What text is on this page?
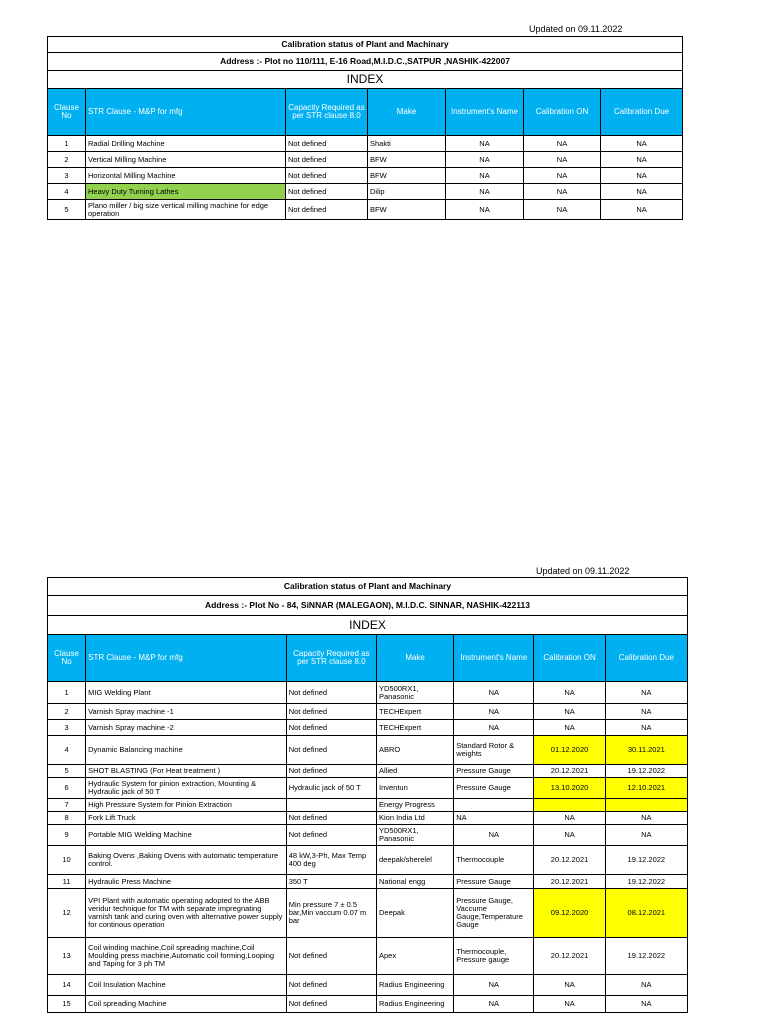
Updated on 09.11.2022
Calibration status of Plant and Machinary						
Address :- Plot no 110/111, E-16 Road,M.I.D.C.,SATPUR ,NASHIK-422007						
INDEX						
Clause No	STR Clause - M&P for mfg	Capacity Required as per STR clause 8.0	Make	Instrument's Name	Calibration ON	Calibration Due
1	Radial Drilling Machine	Not defined	Shakti	NA	NA	NA
2	Vertical Milling Machine	Not defined	BFW	NA	NA	NA
3	Horizontal Milling Machine	Not defined	BFW	NA	NA	NA
4	Heavy Duty Turning Lathes	Not defined	Dilip	NA	NA	NA
5	Plano miller / big size vertical milling machine for edge operation	Not defined	BFW	NA	NA	NA
Updated on 09.11.2022
Calibration status of Plant and Machinary						
Address :- Plot No - 84, SiNNAR (MALEGAON), M.I.D.C. SINNAR, NASHIK-422113						
INDEX						
Clause No	STR Clause - M&P for mfg	Capacity Required as per STR clause 8.0	Make	Instrument's Name	Calibration ON	Calibration Due
1	MIG Welding Plant	Not defined	YD500RX1, Panasonic	NA	NA	NA
2	Varnish Spray machine -1	Not defined	TECHExpert	NA	NA	NA
3	Varnish Spray machine -2	Not defined	TECHExpert	NA	NA	NA
4	Dynamic Balancing machine	Not defined	ABRO	Standard Rotor & weights	01.12.2020	30.11.2021
5	SHOT BLASTING (For Heat treatment )	Not defined	Allied	Pressure Gauge	20.12.2021	19.12.2022
6	Hydraulic System for pinion extraction, Mounting & Hydraulic jack of 50 T	Hydraulic jack of 50 T	Inventun	Pressure Gauge	13.10.2020	12.10.2021
7	High Pressure System for Pinion Extraction		Energy Progress			
8	Fork Lift Truck	Not defined	Kion India Ltd	NA	NA	NA
9	Portable MIG Welding Machine	Not defined	YD500RX1, Panasonic	NA	NA	NA
10	Baking Ovens ,Baking Ovens with automatic temperature control.	48 kW,3-Ph, Max Temp 400 deg	deepak/sherelel	Thermocouple	20.12.2021	19.12.2022
11	Hydraulic Press Machine	350 T	National engg	Pressure Gauge	20.12.2021	19.12.2022
12	VPI Plant with automatic operating adopted to the ABB veridur technique for TM with separate impregnating varnish tank and curing oven with alternative power supply for continous operation	Min pressure 7 ± 0.5 bar,Min vaccum 0.07 m bar	Deepak	Pressure Gauge, Vaccume Gauge,Temperature Gauge	09.12.2020	08.12.2021
13	Coil winding machine,Coil spreading machine,Coil Moulding press machine,Automatic coil forming,Looping and Taping for 3 ph TM	Not defined	Apex	Thermocouple, Pressure gauge	20.12.2021	19.12.2022
14	Coil Insulation Machine	Not defined	Radius Engineering	NA	NA	NA
15	Coil spreading Machine	Not defined	Radius Engineering	NA	NA	NA
